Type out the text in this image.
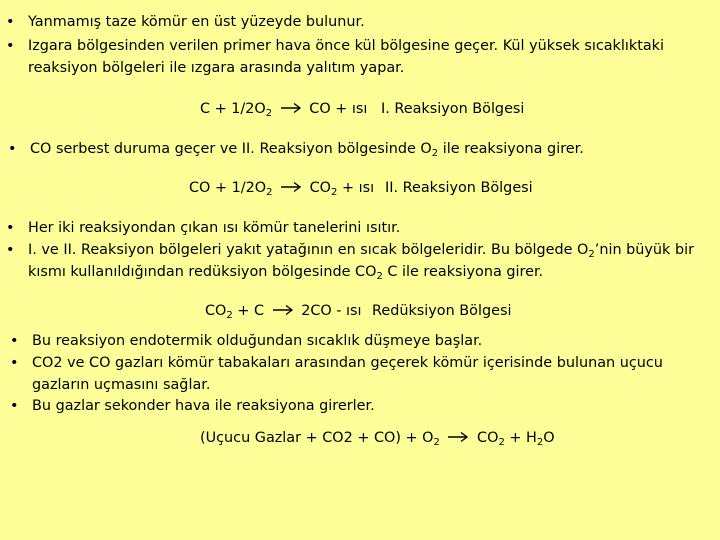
• Yanmamış taze kömür en üst yüzeyde bulunur.
• Izgara bölgesinden verilen primer hava önce kül bölgesine geçer. Kül yüksek sıcaklıktaki reaksiyon bölgeleri ile ızgara arasında yalıtım yapar.
$C + 1/2O_2$	CO + ısı I. Reaksiyon Bölgesi
• CO serbest duruma geçer ve II. Reaksiyon bölgesinde $O_2$ ile reaksiyona girer.
CO + $1/2O_2$	$CO_2$ + ısı II. Reaksiyon Bölgesi
• Her iki reaksiyondan çıkan ısı kömür tanelerini ısıtır.
• I. ve II. Reaksiyon bölgeleri yakıt yatağının en sıcak bölgeleridir. Bu bölgede $O_2’nin$ büyük bir kısmı kullanıldığından redüksiyon bölgesinde $CO_2$ C ile reaksiyona girer.
$CO_2 + C$  2CO - ısı Redüksiyon Bölgesi
• Bu reaksiyon endotermik olduğundan sıcaklık düşmeye başlar.
• CO2 ve CO gazları kömür tabakaları arasından geçerek kömür içerisinde bulunan uçucu gazların uçmasını sağlar.
• Bu gazlar sekonder hava ile reaksiyona girerler.
(Uçucu Gazlar + $CO2 + CO) + O_2$	$CO_2 + H_2O$
